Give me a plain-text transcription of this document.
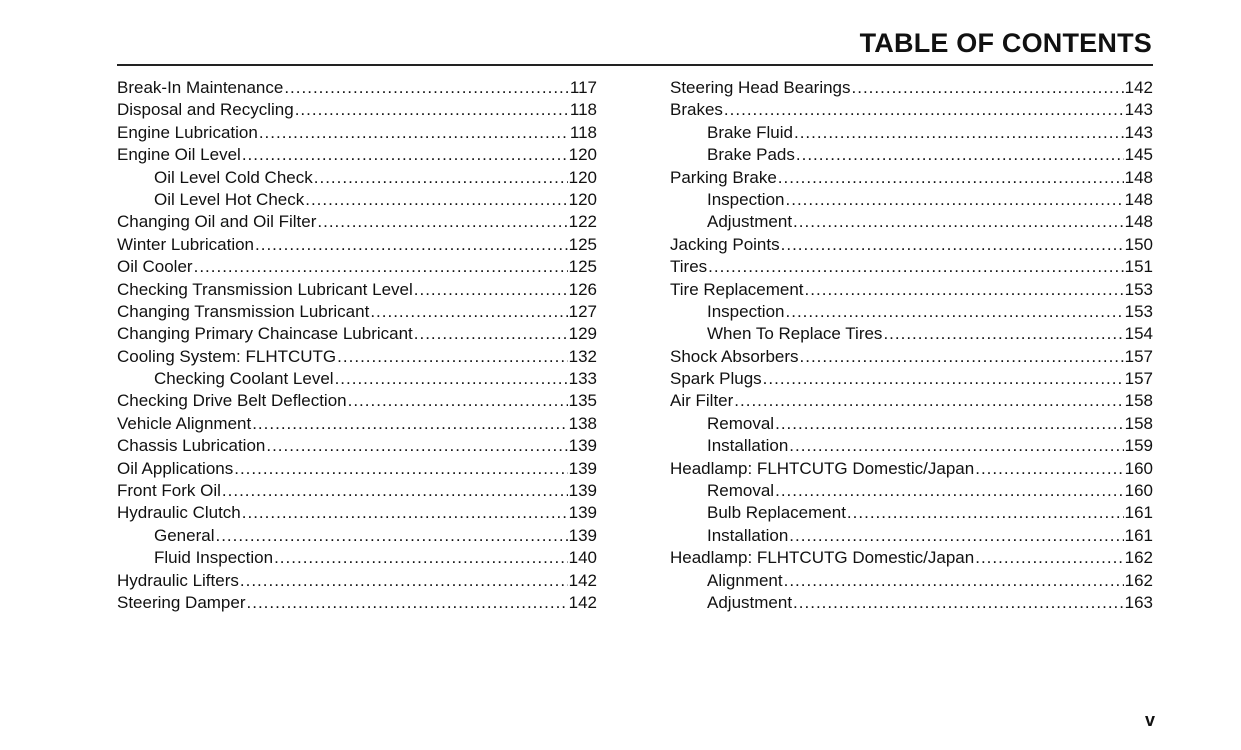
TABLE OF CONTENTS
Break-In Maintenance .....	117
Disposal and Recycling .....	118
Engine Lubrication .....	118
Engine Oil Level .....	120
Oil Level Cold Check .....	120
Oil Level Hot Check .....	120
Changing Oil and Oil Filter .....	122
Winter Lubrication .....	125
Oil Cooler .....	125
Checking Transmission Lubricant Level .....	126
Changing Transmission Lubricant .....	127
Changing Primary Chaincase Lubricant .....	129
Cooling System: FLHTCUTG .....	132
Checking Coolant Level .....	133
Checking Drive Belt Deflection .....	135
Vehicle Alignment .....	138
Chassis Lubrication .....	139
Oil Applications .....	139
Front Fork Oil .....	139
Hydraulic Clutch .....	139
General .....	139
Fluid Inspection .....	140
Hydraulic Lifters .....	142
Steering Damper .....	142
Steering Head Bearings .....	142
Brakes .....	143
Brake Fluid .....	143
Brake Pads .....	145
Parking Brake .....	148
Inspection .....	148
Adjustment .....	148
Jacking Points .....	150
Tires .....	151
Tire Replacement .....	153
Inspection .....	153
When To Replace Tires .....	154
Shock Absorbers .....	157
Spark Plugs .....	157
Air Filter .....	158
Removal .....	158
Installation .....	159
Headlamp: FLHTCUTG Domestic/Japan .....	160
Removal .....	160
Bulb Replacement .....	161
Installation .....	161
Headlamp: FLHTCUTG Domestic/Japan .....	162
Alignment .....	162
Adjustment .....	163
v
